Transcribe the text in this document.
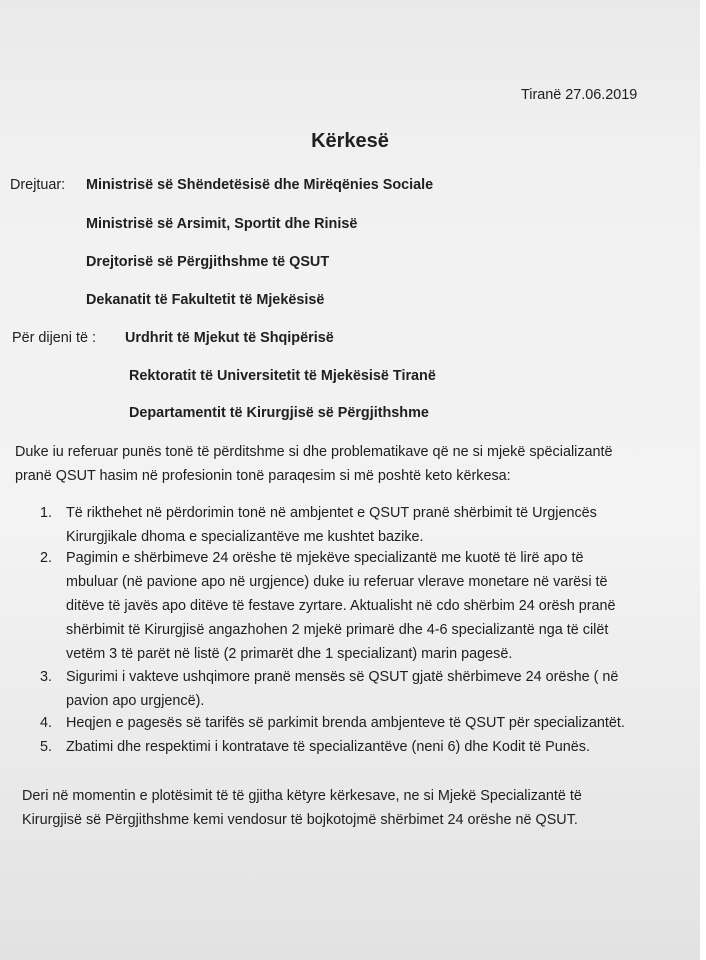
Tiranë 27.06.2019
Kërkesë
Drejtuar: Ministrisë së Shëndetësisë dhe Mirëqënies Sociale
Ministrisë së Arsimit, Sportit dhe Rinisë
Drejtorisë së Përgjithshme të QSUT
Dekanatit të Fakultetit të Mjekësisë
Për dijeni të : Urdhrit të Mjekut të Shqipërisë
Rektoratit të Universitetit të Mjekësisë Tiranë
Departamentit të Kirurgjisë së Përgjithshme
Duke iu referuar punës tonë të përditshme si dhe problematikave që ne si mjekë spëcializantë
pranë QSUT hasim në profesionin tonë paraqesim si më poshtë keto kërkesa:
1. Të rikthehet në përdorimin tonë në ambjentet e QSUT pranë shërbimit të Urgjencës
Kirurgjikale dhoma e specializantëve me kushtet bazike.
2. Pagimin e shërbimeve 24 orëshe të mjekëve specializantë me kuotë të lirë apo të
mbuluar (në pavione apo në urgjence) duke iu referuar vlerave monetare në varësi të
ditëve të javës apo ditëve të festave zyrtare. Aktualisht në cdo shërbim 24 orësh pranë
shërbimit të Kirurgjisë angazhohen 2 mjekë primarë dhe 4-6 specializantë nga të cilët
vetëm 3 të parët në listë (2 primarët dhe 1 specializant) marin pagesë.
3. Sigurimi i vakteve ushqimore pranë mensës së QSUT gjatë shërbimeve 24 orëshe ( në
pavion apo urgjencë).
4. Heqjen e pagesës së tarifës së parkimit brenda ambjenteve të QSUT për specializantët.
5. Zbatimi dhe respektimi i kontratave të specializantëve (neni 6) dhe Kodit të Punës.
Deri në momentin e plotësimit të të gjitha këtyre kërkesave, ne si Mjekë Specializantë të
Kirurgjisë së Përgjithshme kemi vendosur të bojkotojmë shërbimet 24 orëshe në QSUT.
